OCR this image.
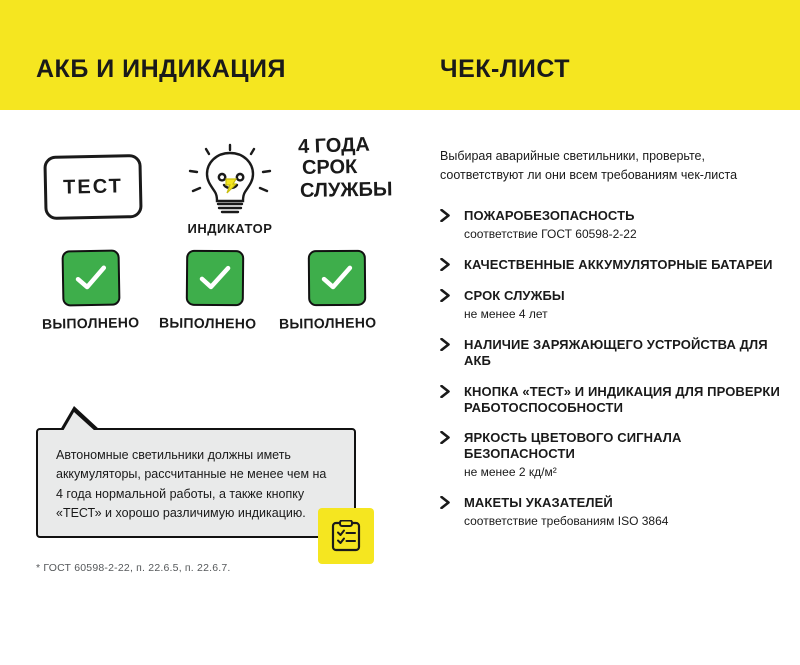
АКБ И ИНДИКАЦИЯ	ЧЕК-ЛИСТ
ТЕСТ
ИНДИКАТОР
4 ГОДА
СРОК
СЛУЖБЫ
ВЫПОЛНЕНО ВЫПОЛНЕНО ВЫПОЛНЕНО
Автономные светильники должны иметь аккумуляторы, рассчитанные не менее чем на 4 года нормальной работы, а также кнопку «ТЕСТ» и хорошо различимую индикацию.
* ГОСТ 60598-2-22, п. 22.6.5, п. 22.6.7.
Выбирая аварийные светильники, проверьте, соответствуют ли они всем требованиям чек-листа
ПОЖАРОБЕЗОПАСНОСТЬ
соответствие ГОСТ 60598-2-22
КАЧЕСТВЕННЫЕ АККУМУЛЯТОРНЫЕ БАТАРЕИ
СРОК СЛУЖБЫ
не менее 4 лет
НАЛИЧИЕ ЗАРЯЖАЮЩЕГО УСТРОЙСТВА ДЛЯ АКБ
КНОПКА «ТЕСТ» И ИНДИКАЦИЯ ДЛЯ ПРОВЕРКИ РАБОТОСПОСОБНОСТИ
ЯРКОСТЬ ЦВЕТОВОГО СИГНАЛА БЕЗОПАСНОСТИ
не менее 2 кд/м²
МАКЕТЫ УКАЗАТЕЛЕЙ
соответствие требованиям ISO 3864
